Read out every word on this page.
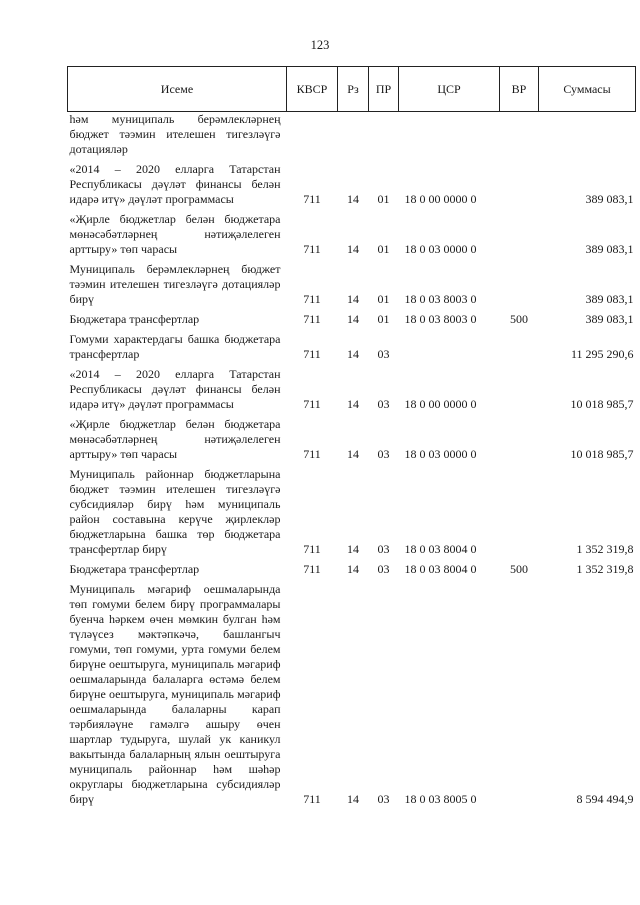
123
Исеме	КВСР	Рз	ПР	ЦСР	ВР	Суммасы
һәм муниципаль берәмлекләрнең бюджет тәэмин ителешен тигезләүгә дотацияләр						
«2014 – 2020 елларга Татарстан Республикасы дәүләт финансы белән идарә итү» дәүләт программасы	711	14	01	18 0 00 0000 0		389 083,1
«Җирле бюджетлар белән бюджетара мөнәсәбәтләрнең нәтиҗәлелеген арттыру» төп чарасы	711	14	01	18 0 03 0000 0		389 083,1
Муниципаль берәмлекләрнең бюджет тәэмин ителешен тигезләүгә дотацияләр бирү	711	14	01	18 0 03 8003 0		389 083,1
Бюджетара трансфертлар	711	14	01	18 0 03 8003 0	500	389 083,1
Гомуми характердагы башка бюджетара трансфертлар	711	14	03			11 295 290,6
«2014 – 2020 елларга Татарстан Республикасы дәүләт финансы белән идарә итү» дәүләт программасы	711	14	03	18 0 00 0000 0		10 018 985,7
«Җирле бюджетлар белән бюджетара мөнәсәбәтләрнең нәтиҗәлелеген арттыру» төп чарасы	711	14	03	18 0 03 0000 0		10 018 985,7
Муниципаль районнар бюджетларына бюджет тәэмин ителешен тигезләүгә субсидияләр бирү һәм муниципаль район составына керүче җирлекләр бюджетларына башка төр бюджетара трансфертлар бирү	711	14	03	18 0 03 8004 0		1 352 319,8
Бюджетара трансфертлар	711	14	03	18 0 03 8004 0	500	1 352 319,8
Муниципаль мәгариф оешмаларында төп гомуми белем бирү программалары буенча һәркем өчен мөмкин булган һәм түләүсез мәктәпкәчә, башлангыч гомуми, төп гомуми, урта гомуми белем бирүне оештыруга, муниципаль мәгариф оешмаларында балаларга өстәмә белем бирүне оештыруга, муниципаль мәгариф оешмаларында балаларны карап тәрбияләүне гамәлгә ашыру өчен шартлар тудыруга, шулай ук каникул вакытында балаларның ялын оештыруга муниципаль районнар һәм шәһәр округлары бюджетларына субсидияләр бирү	711	14	03	18 0 03 8005 0		8 594 494,9
